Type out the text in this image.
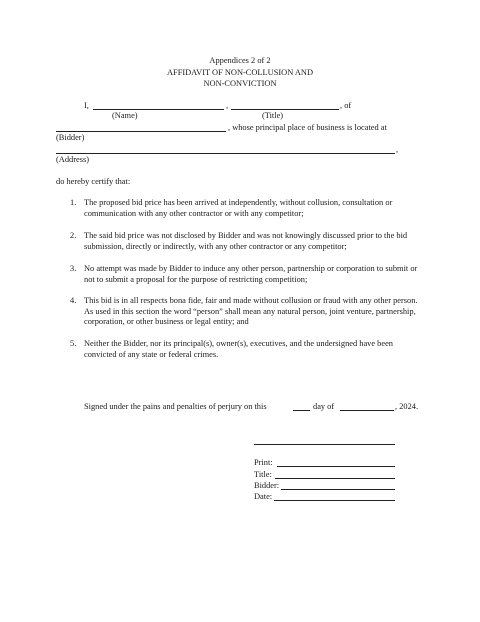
Appendices 2 of 2
AFFIDAVIT OF NON-COLLUSION AND
NON-CONVICTION
I,	,	, of
(Name)	(Title)
, whose principal place of business is located at
(Bidder)
,
(Address)
do hereby certify that:
1. The proposed bid price has been arrived at independently, without collusion, consultation or communication with any other contractor or with any competitor;
2. The said bid price was not disclosed by Bidder and was not knowingly discussed prior to the bid submission, directly or indirectly, with any other contractor or any competitor;
3. No attempt was made by Bidder to induce any other person, partnership or corporation to submit or not to submit a proposal for the purpose of restricting competition;
4. This bid is in all respects bona fide, fair and made without collusion or fraud with any other person. As used in this section the word “person” shall mean any natural person, joint venture, partnership, corporation, or other business or legal entity; and
5. Neither the Bidder, nor its principal(s), owner(s), executives, and the undersigned have been convicted of any state or federal crimes.
Signed under the pains and penalties of perjury on this	day of	, 2024.
Print:
Title:
Bidder:
Date:
